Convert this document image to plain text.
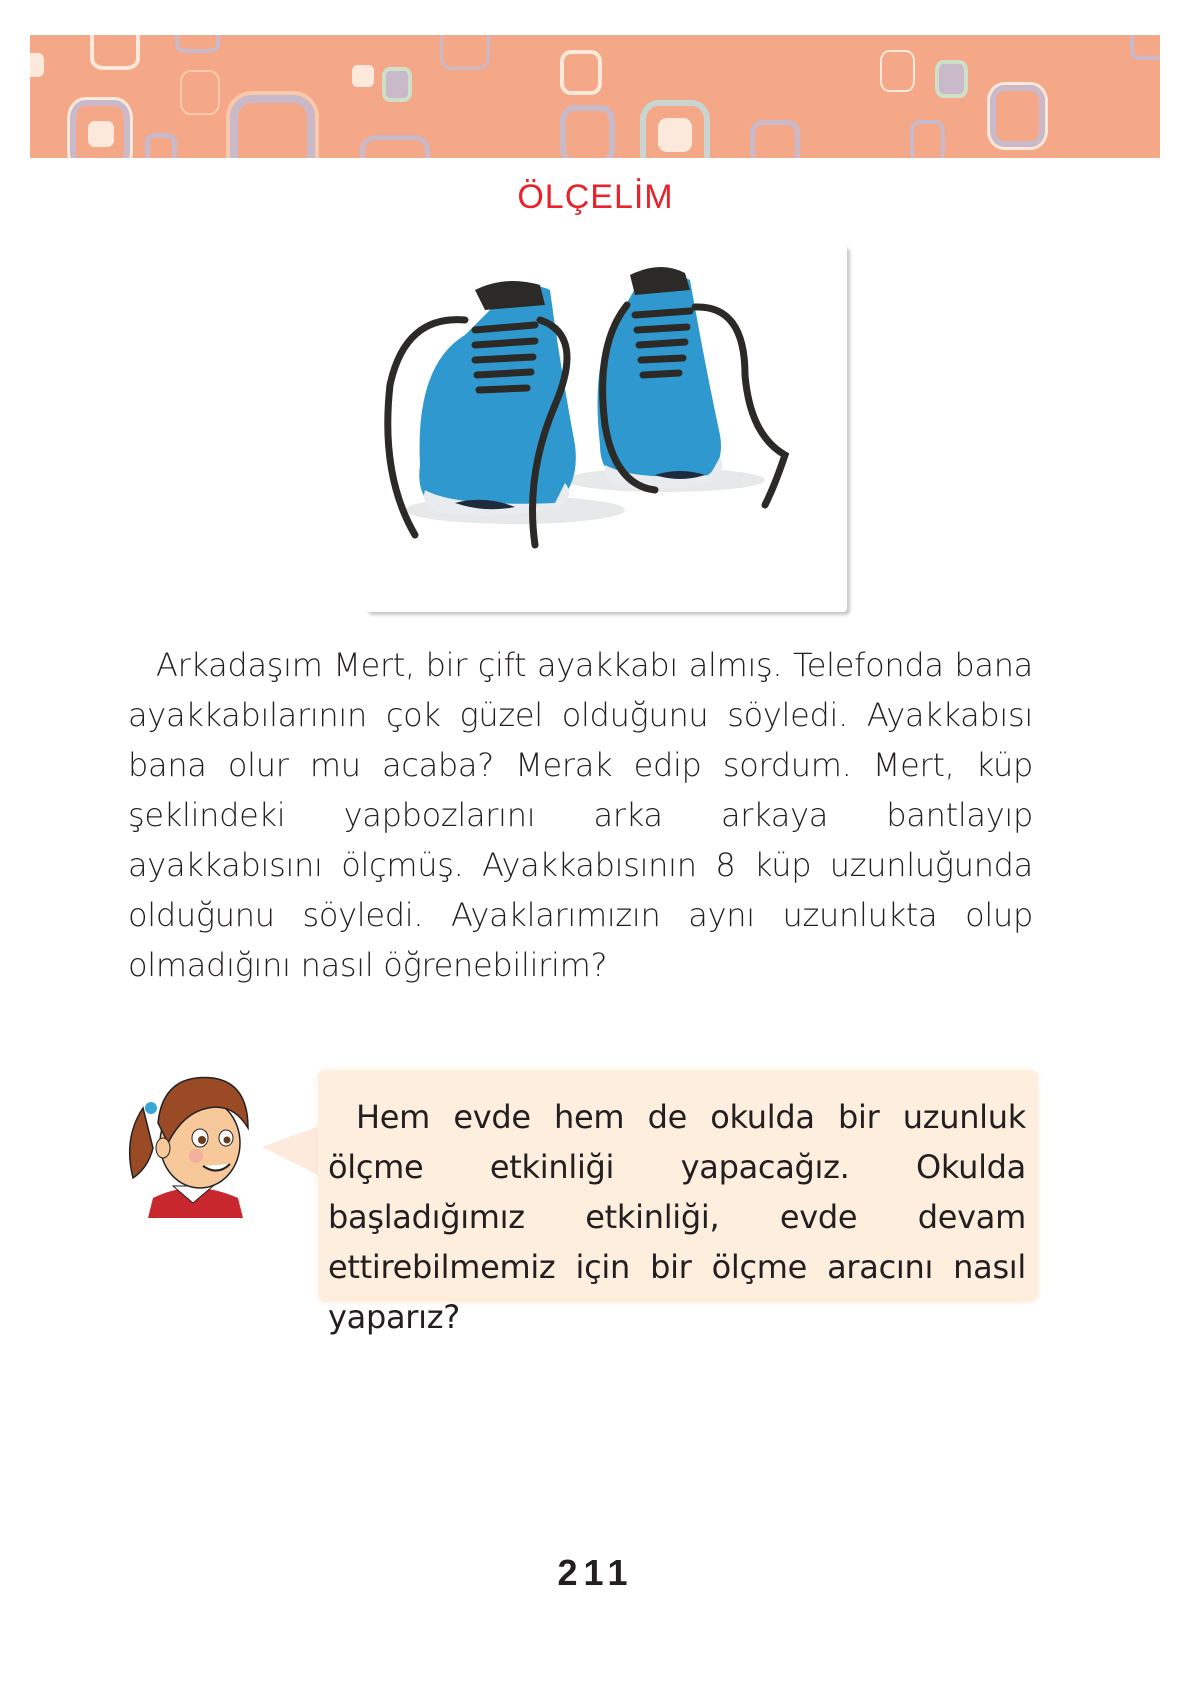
ÖLÇELİM

Arkadaşım Mert, bir çift ayakkabı almış. Telefonda bana ayakkabılarının çok güzel olduğunu söyledi. Ayakkabısı bana olur mu acaba? Merak edip sordum. Mert, küp şeklindeki yapbozlarını arka arkaya bantlayıp ayakkabısını ölçmüş. Ayakkabısının 8 küp uzunluğunda olduğunu söyledi. Ayaklarımızın aynı uzunlukta olup olmadığını nasıl öğrenebilirim?

Hem evde hem de okulda bir uzunluk ölçme etkinliği yapacağız. Okulda başladığımız etkinliği, evde devam ettirebilmemiz için bir ölçme aracını nasıl yaparız?

211
